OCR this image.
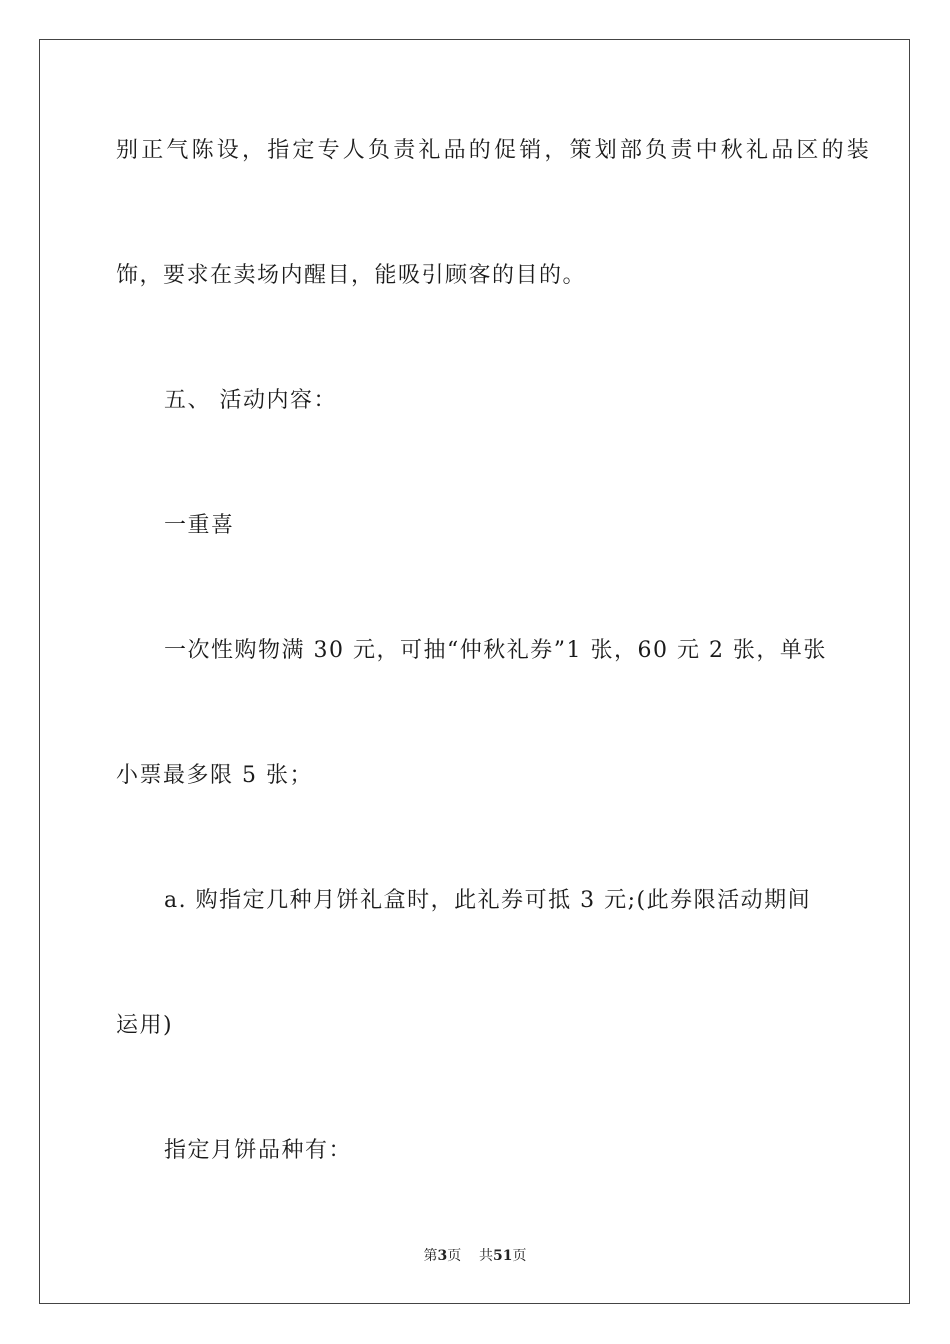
别正气陈设，指定专人负责礼品的促销，策划部负责中秋礼品区的装
饰，要求在卖场内醒目，能吸引顾客的目的。
五、 活动内容：
一重喜
一次性购物满 30 元，可抽“仲秋礼券”1 张，60 元 2 张，单张
小票最多限 5 张；
a. 购指定几种月饼礼盒时，此礼券可抵 3 元;(此券限活动期间
运用)
指定月饼品种有：
第3页 共51页
